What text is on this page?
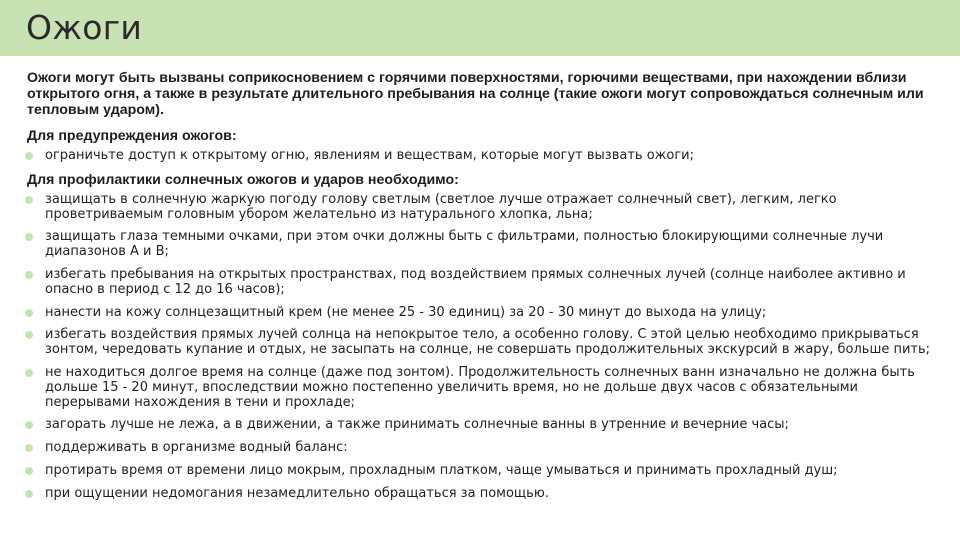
Ожоги

Ожоги могут быть вызваны соприкосновением с горячими поверхностями, горючими веществами, при нахождении вблизи открытого огня, а также в результате длительного пребывания на солнце (такие ожоги могут сопровождаться солнечным или тепловым ударом).

Для предупреждения ожогов:
ограничьте доступ к открытому огню, явлениям и веществам, которые могут вызвать ожоги;
Для профилактики солнечных ожогов и ударов необходимо:
защищать в солнечную жаркую погоду голову светлым (светлое лучше отражает солнечный свет), легким, легко проветриваемым головным убором желательно из натурального хлопка, льна;
защищать глаза темными очками, при этом очки должны быть с фильтрами, полностью блокирующими солнечные лучи диапазонов А и В;
избегать пребывания на открытых пространствах, под воздействием прямых солнечных лучей (солнце наиболее активно и опасно в период с 12 до 16 часов);
нанести на кожу солнцезащитный крем (не менее 25 - 30 единиц) за 20 - 30 минут до выхода на улицу;
избегать воздействия прямых лучей солнца на непокрытое тело, а особенно голову. С этой целью необходимо прикрываться зонтом, чередовать купание и отдых, не засыпать на солнце, не совершать продолжительных экскурсий в жару, больше пить;
не находиться долгое время на солнце (даже под зонтом). Продолжительность солнечных ванн изначально не должна быть дольше 15 - 20 минут, впоследствии можно постепенно увеличить время, но не дольше двух часов с обязательными перерывами нахождения в тени и прохладе;
загорать лучше не лежа, а в движении, а также принимать солнечные ванны в утренние и вечерние часы;
поддерживать в организме водный баланс:
протирать время от времени лицо мокрым, прохладным платком, чаще умываться и принимать прохладный душ;
при ощущении недомогания незамедлительно обращаться за помощью.
